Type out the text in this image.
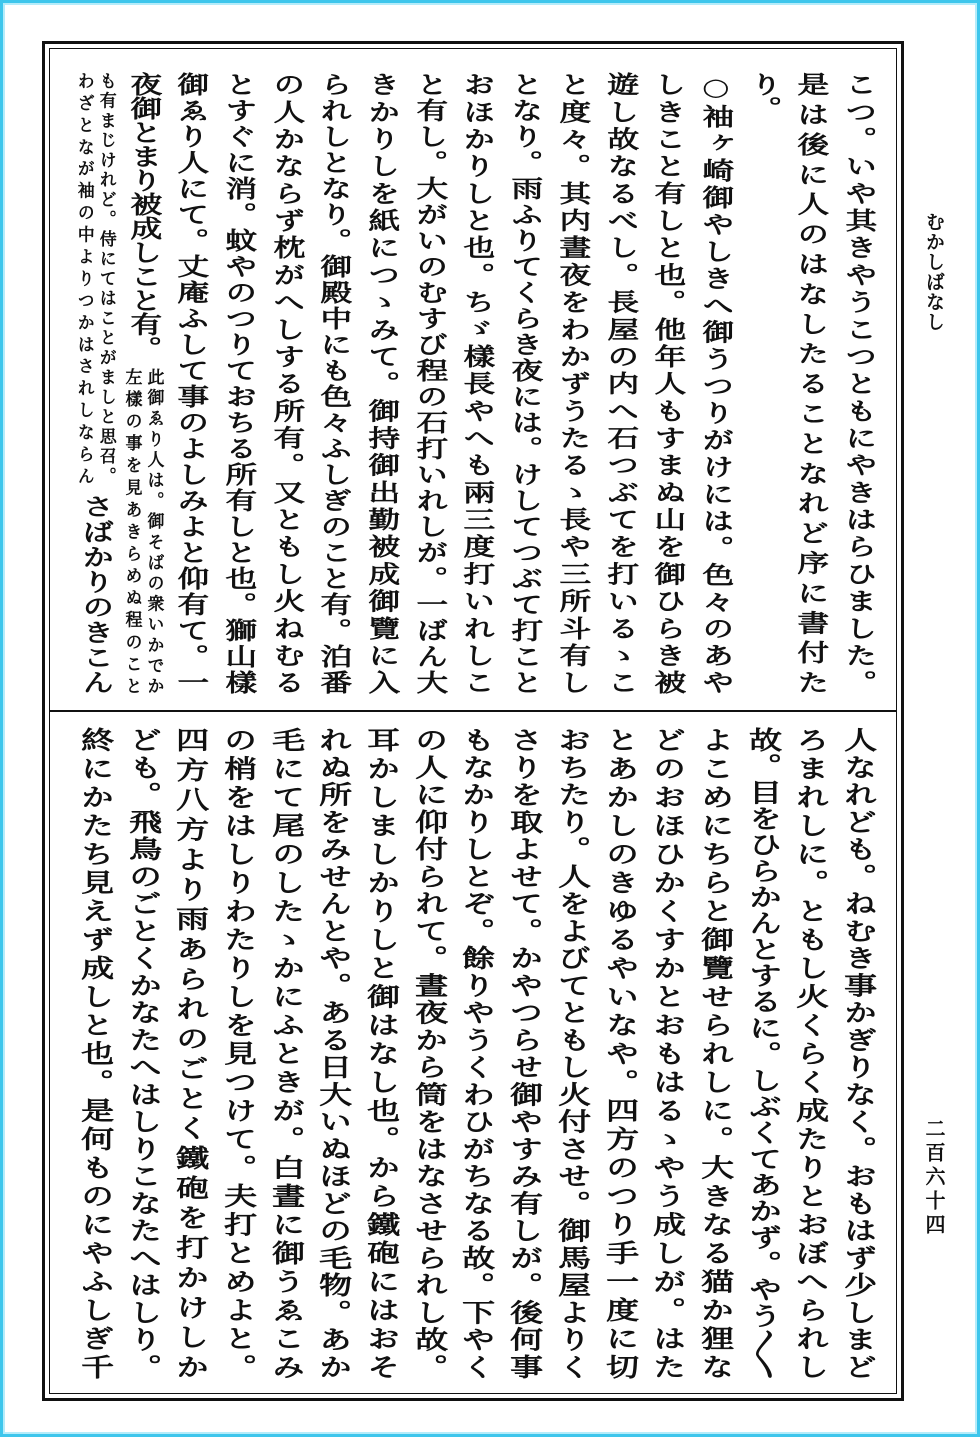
こつ。いや其きやうこつともにやきはらひました。
是は後に人のはなしたることなれど序に書付た
り。
○袖ヶ崎御やしきへ御うつりがけには。色々のあや
しきこと有しと也。他年人もすまぬ山を御ひらき被
遊し故なるべし。長屋の内へ石つぶてを打いるゝこ
と度々。其内晝夜をわかずうたるゝ長や三所斗有し
となり。雨ふりてくらき夜には。けしてつぶて打こと
おほかりしと也。ちゞ樣長やへも兩三度打いれしこ
と有し。大がいのむすび程の石打いれしが。一ばん大
きかりしを紙につゝみて。御持御出勤被成御覽に入
られしとなり。御殿中にも色々ふしぎのこと有。泊番
の人かならず枕がへしする所有。又ともし火ねむる
とすぐに消。蚊やのつりておちる所有しと也。獅山樣
御ゑり人にて。丈庵ふして事のよしみよと仰有て。一
夜御とまり被成しこと有。
此御ゑり人は。御そばの衆いかでか
左樣の事を見あきらめぬ程のこと
も有まじけれど。侍にてはことがましと思召。
わざとなが袖の中よりつかはされしならん
さばかりのきこん
人なれども。ねむき事かぎりなく。おもはず少しまど
ろまれしに。ともし火くらく成たりとおぼへられし
故。目をひらかんとするに。しぶくてあかず。やう〱
よこめにちらと御覽せられしに。大きなる猫か狸な
どのおほひかくすかとおもはるゝやう成しが。はた
とあかしのきゆるやいなや。四方のつり手一度に切
おちたり。人をよびてともし火付させ。御馬屋よりく
さりを取よせて。かやつらせ御やすみ有しが。後何事
もなかりしとぞ。餘りやうくわひがちなる故。下やく
の人に仰付られて。晝夜から筒をはなさせられし故。
耳かしましかりしと御はなし也。から鐵砲にはおそ
れぬ所をみせんとや。ある日大いぬほどの毛物。あか
毛にて尾のしたゝかにふときが。白晝に御うゑこみ
の梢をはしりわたりしを見つけて。夫打とめよと。
四方八方より雨あられのごとく鐵砲を打かけしか
ども。飛鳥のごとくかなたへはしりこなたへはしり。
終にかたち見えず成しと也。是何ものにやふしぎ千
むかしばなし
二百六十四
